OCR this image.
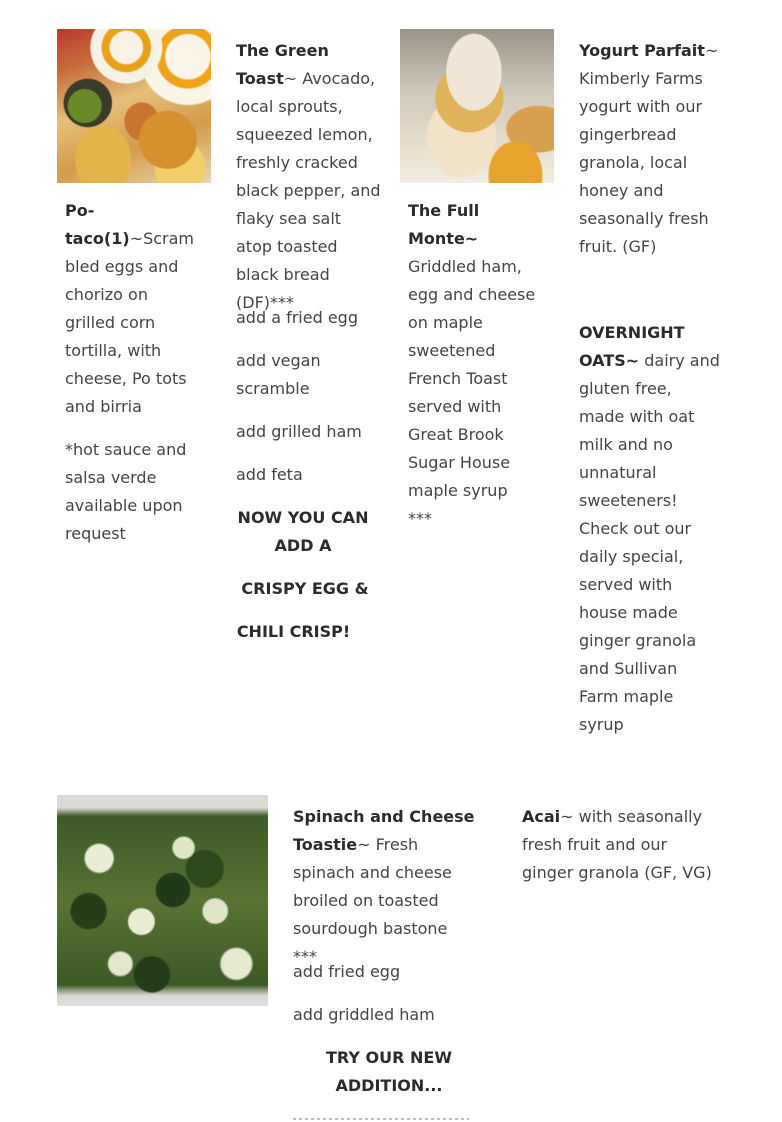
Po-taco(1)~Scrambled eggs and chorizo on grilled corn tortilla, with cheese, Po tots and birria

*hot sauce and salsa verde available upon request

The Green Toast~ Avocado, local sprouts, squeezed lemon, freshly cracked black pepper, and flaky sea salt atop toasted black bread (DF)***

add a fried egg
add vegan scramble
add grilled ham
add feta
NOW YOU CAN ADD A
CRISPY EGG &
CHILI CRISP!

The Full Monte~ Griddled ham, egg and cheese on maple sweetened French Toast served with Great Brook Sugar House maple syrup

***

Yogurt Parfait~ Kimberly Farms yogurt with our gingerbread granola, local honey and seasonally fresh fruit. (GF)

OVERNIGHT OATS~ dairy and gluten free, made with oat milk and no unnatural sweeteners! Check out our daily special, served with house made ginger granola and Sullivan Farm maple syrup

Spinach and Cheese Toastie~ Fresh spinach and cheese broiled on toasted sourdough bastone ***

add fried egg
add griddled ham
TRY OUR NEW ADDITION...

Acai~ with seasonally fresh fruit and our ginger granola (GF, VG)
